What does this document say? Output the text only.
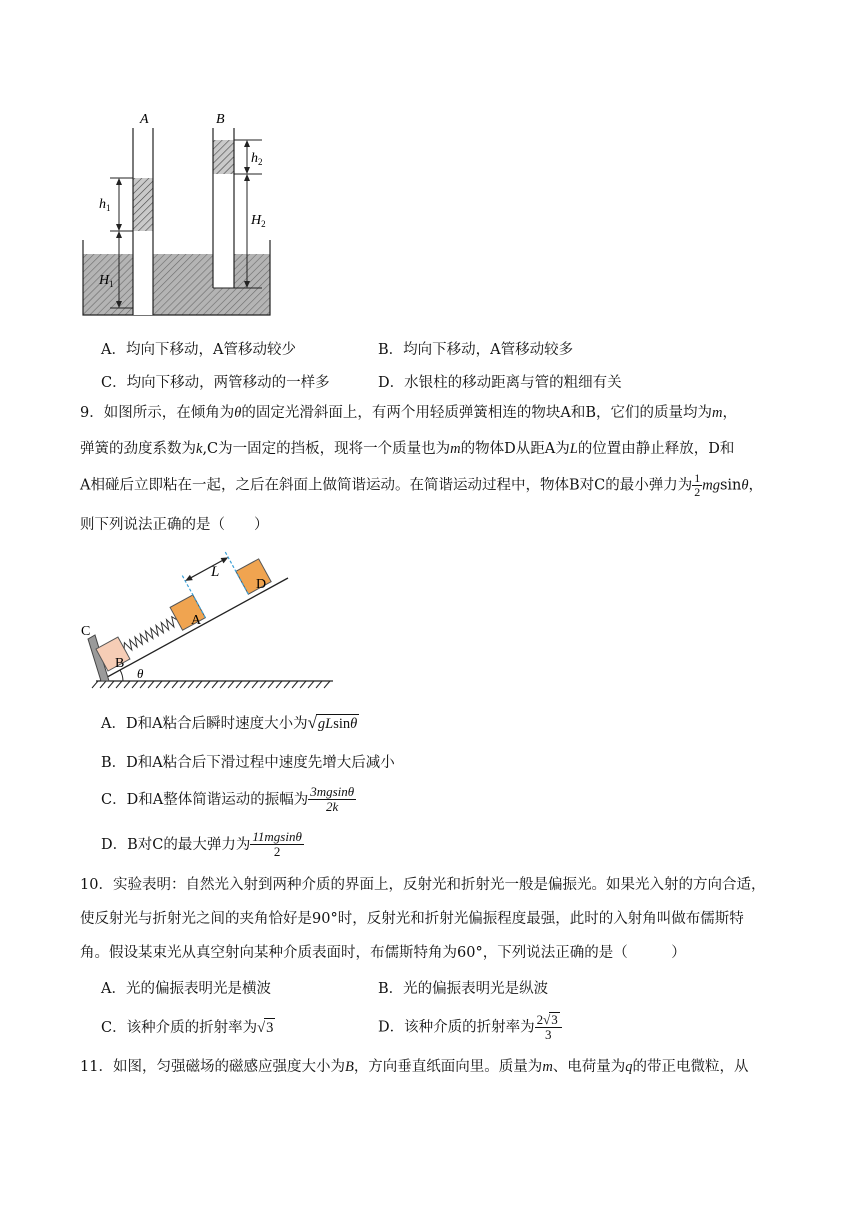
A	B
$h_1$
$H_1$
$h_2$
$H_2$
A．均向下移动，A管移动较少	B．均向下移动，A管移动较多
C．均向下移动，两管移动的一样多	D．水银柱的移动距离与管的粗细有关
9．如图所示，在倾角为θ的固定光滑斜面上，有两个用轻质弹簧相连的物块A和B，它们的质量均为m，
弹簧的劲度系数为k,C为一固定的挡板，现将一个质量也为m的物体D从距A为L的位置由静止释放，D和
A相碰后立即粘在一起，之后在斜面上做简谐运动。在简谐运动过程中，物体B对C的最小弹力为 $\frac{1}{2}$ mgsinθ，
则下列说法正确的是（　　）
C
B
A
D
L
θ
A．D和A粘合后瞬时速度大小为√gLsinθ
B．D和A粘合后下滑过程中速度先增大后减小
C．D和A整体简谐运动的振幅为 $\frac{3mgsin\theta}{2k}$
D．B对C的最大弹力为 $\frac{11mgsin\theta}{2}$
10．实验表明：自然光入射到两种介质的界面上，反射光和折射光一般是偏振光。如果光入射的方向合适，
使反射光与折射光之间的夹角恰好是90°时，反射光和折射光偏振程度最强，此时的入射角叫做布儒斯特
角。假设某束光从真空射向某种介质表面时，布儒斯特角为60°，下列说法正确的是（　　　）
A．光的偏振表明光是横波	B．光的偏振表明光是纵波
C．该种介质的折射率为√3	D．该种介质的折射率为 $\frac{2√3}{3}$
11．如图，匀强磁场的磁感应强度大小为B，方向垂直纸面向里。质量为m、电荷量为q的带正电微粒，从
